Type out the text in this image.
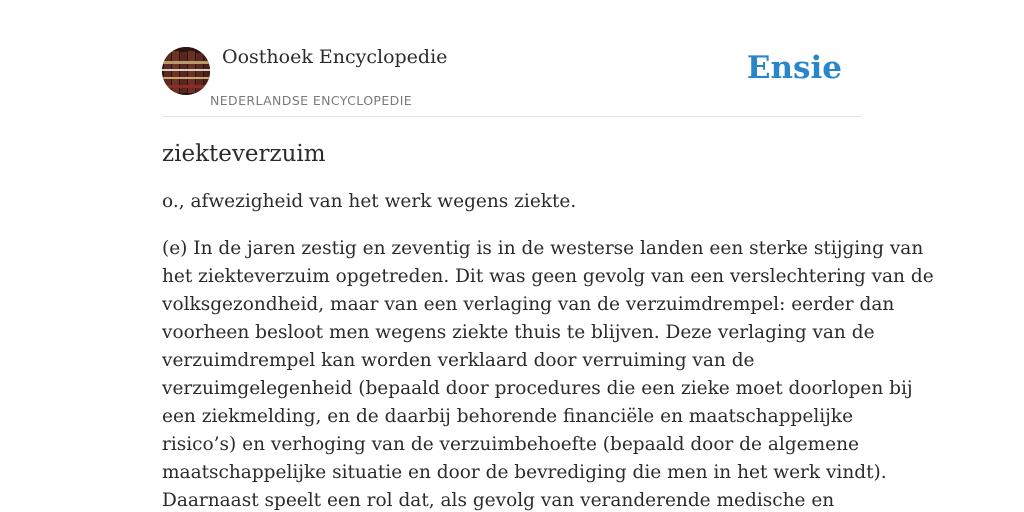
Oosthoek Encyclopedie
NEDERLANDSE ENCYCLOPEDIE
Ensie
ziekteverzuim

o., afwezigheid van het werk wegens ziekte.

(e) In de jaren zestig en zeventig is in de westerse landen een sterke stijging van
het ziekteverzuim opgetreden. Dit was geen gevolg van een verslechtering van de
volksgezondheid, maar van een verlaging van de verzuimdrempel: eerder dan
voorheen besloot men wegens ziekte thuis te blijven. Deze verlaging van de
verzuimdrempel kan worden verklaard door verruiming van de
verzuimgelegenheid (bepaald door procedures die een zieke moet doorlopen bij
een ziekmelding, en de daarbij behorende financiële en maatschappelijke
risico’s) en verhoging van de verzuimbehoefte (bepaald door de algemene
maatschappelijke situatie en door de bevrediging die men in het werk vindt).
Daarnaast speelt een rol dat, als gevolg van veranderende medische en
